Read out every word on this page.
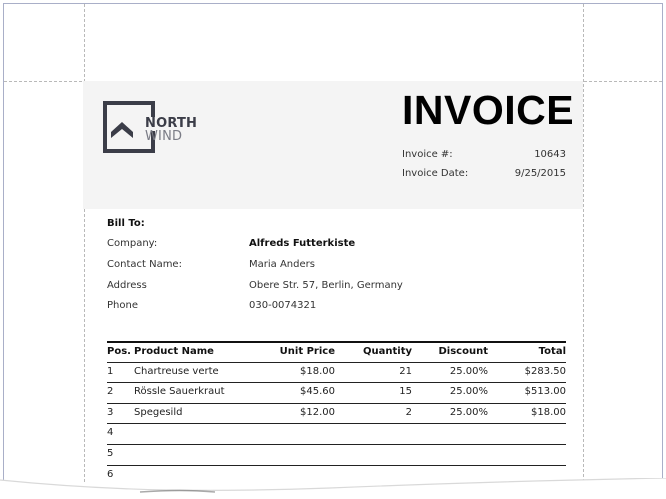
NORTH
WIND
INVOICE
Invoice #:	10643
Invoice Date:	9/25/2015
Bill To:
Company:	Alfreds Futterkiste
Contact Name:	Maria Anders
Address	Obere Str. 57, Berlin, Germany
Phone	030-0074321
Pos. Product Name	Unit Price	Quantity	Discount	Total
1 Chartreuse verte	$18.00	21	25.00%	$283.50
2 Rössle Sauerkraut	$45.60	15	25.00%	$513.00
3 Spegesild	$12.00	2	25.00%	$18.00
4
5
6
